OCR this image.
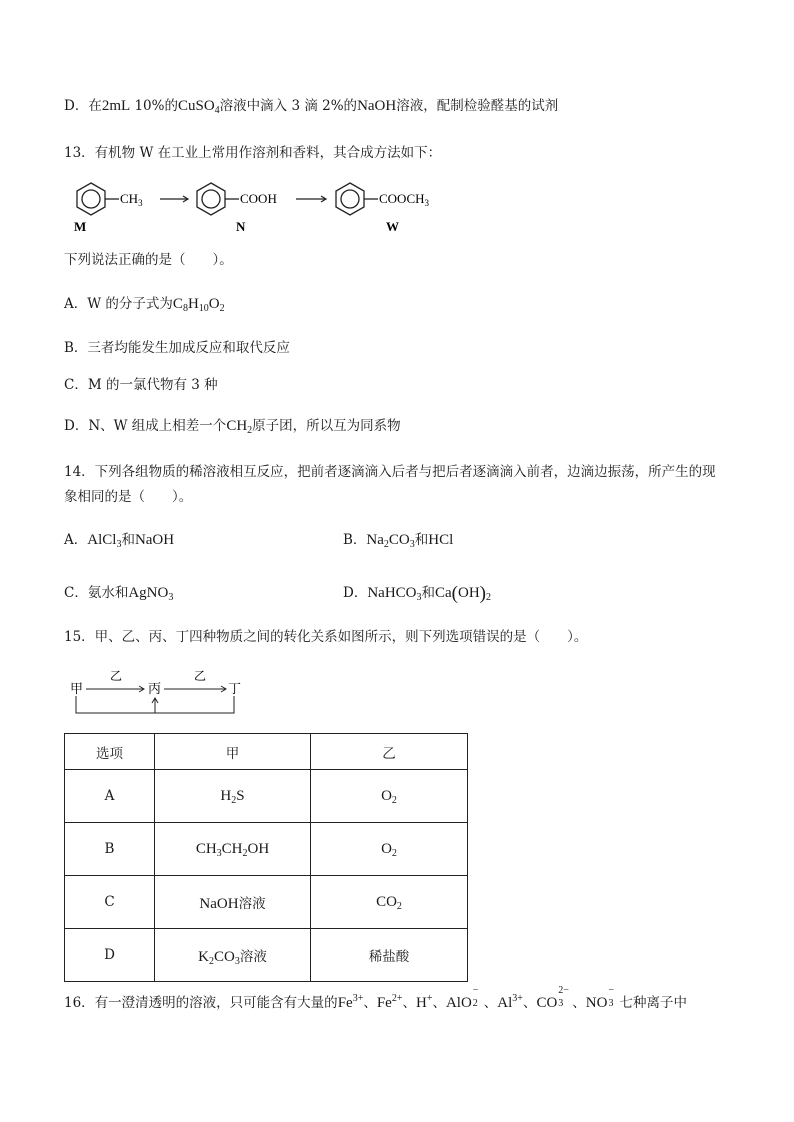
D．在2mL 10%的CuSO$_4$溶液中滴入 3 滴 2%的NaOH溶液，配制检验醛基的试剂
13．有机物 W 在工业上常用作溶剂和香料，其合成方法如下：
$CH_3$
M
COOH
N
$COOCH_3$
W
下列说法正确的是（　　）。
A．W 的分子式为$C_8H_{10}O_2$
B．三者均能发生加成反应和取代反应
C．M 的一氯代物有 3 种
D．N、W 组成上相差一个$CH_2$原子团，所以互为同系物
14．下列各组物质的稀溶液相互反应，把前者逐滴滴入后者与把后者逐滴滴入前者，边滴边振荡，所产生的现
象相同的是（　　）。
A．AlCl$_3$和NaOH	B．$Na_2CO_3$和HCl
C．氨水和AgNO$_3$	D．NaHCO$_3$和$Ca(OH)_2$
15．甲、乙、丙、丁四种物质之间的转化关系如图所示，则下列选项错误的是（　　）。
甲
乙
丙
乙
丁
选项	甲	乙
A	$H_2S$	$O_2$
B	$CH_3CH_2OH$	$O_2$
C	NaOH溶液	$CO_2$
D	$K_2CO_3$溶液	稀盐酸
16．有一澄清透明的溶液，只可能含有大量的$Fe^{3+}$、$Fe^{2+}$、H+、AlO
−
2 、$Al^{3+}$、CO
2−
3 、NO
−
3 七种离子中
